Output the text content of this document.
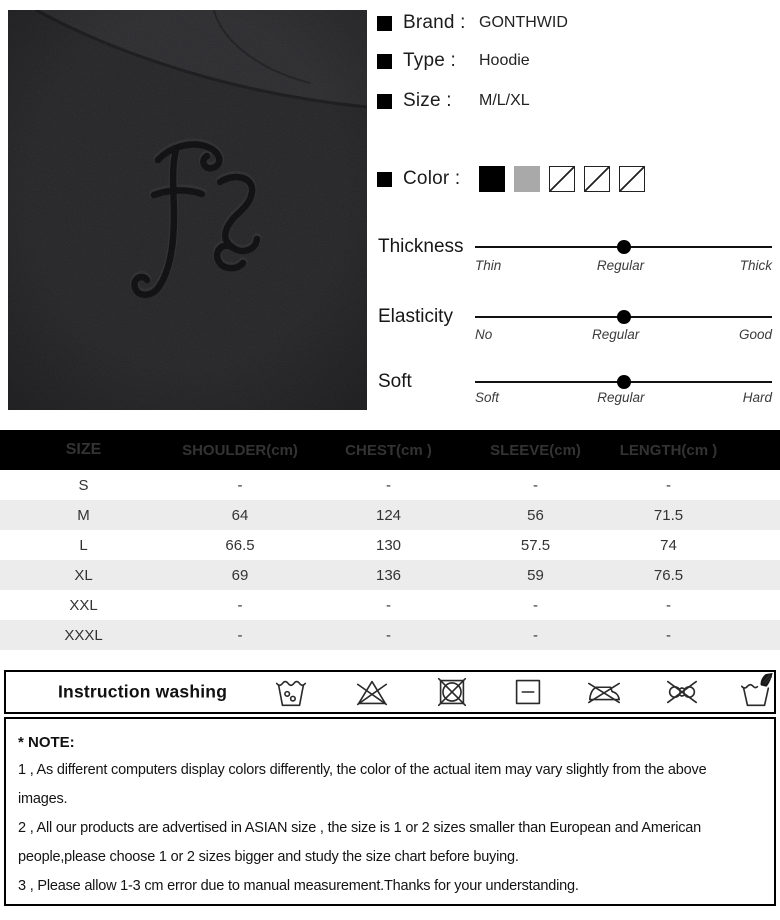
Brand : GONTHWID
Type :	Hoodie
Size :	M/L/XL
Color :
Thickness
Thin	Regular	Thick
Elasticity
No	Regular	Good
Soft
Soft	Regular	Hard
SIZE	SHOULDER(cm)	CHEST(cm )	SLEEVE(cm)	LENGTH(cm )
S	-	-	-	-
M	64	124	56	71.5
L	66.5	130	57.5	74
XL	69	136	59	76.5
XXL	-	-	-	-
XXXL	-	-	-	-
Instruction washing
* NOTE:
1 , As different computers display colors differently, the color of the actual item may vary slightly from the above
images.
2 , All our products are advertised in ASIAN size , the size is 1 or 2 sizes smaller than European and American
people,please choose 1 or 2 sizes bigger and study the size chart before buying.
3 , Please allow 1-3 cm error due to manual measurement.Thanks for your understanding.
